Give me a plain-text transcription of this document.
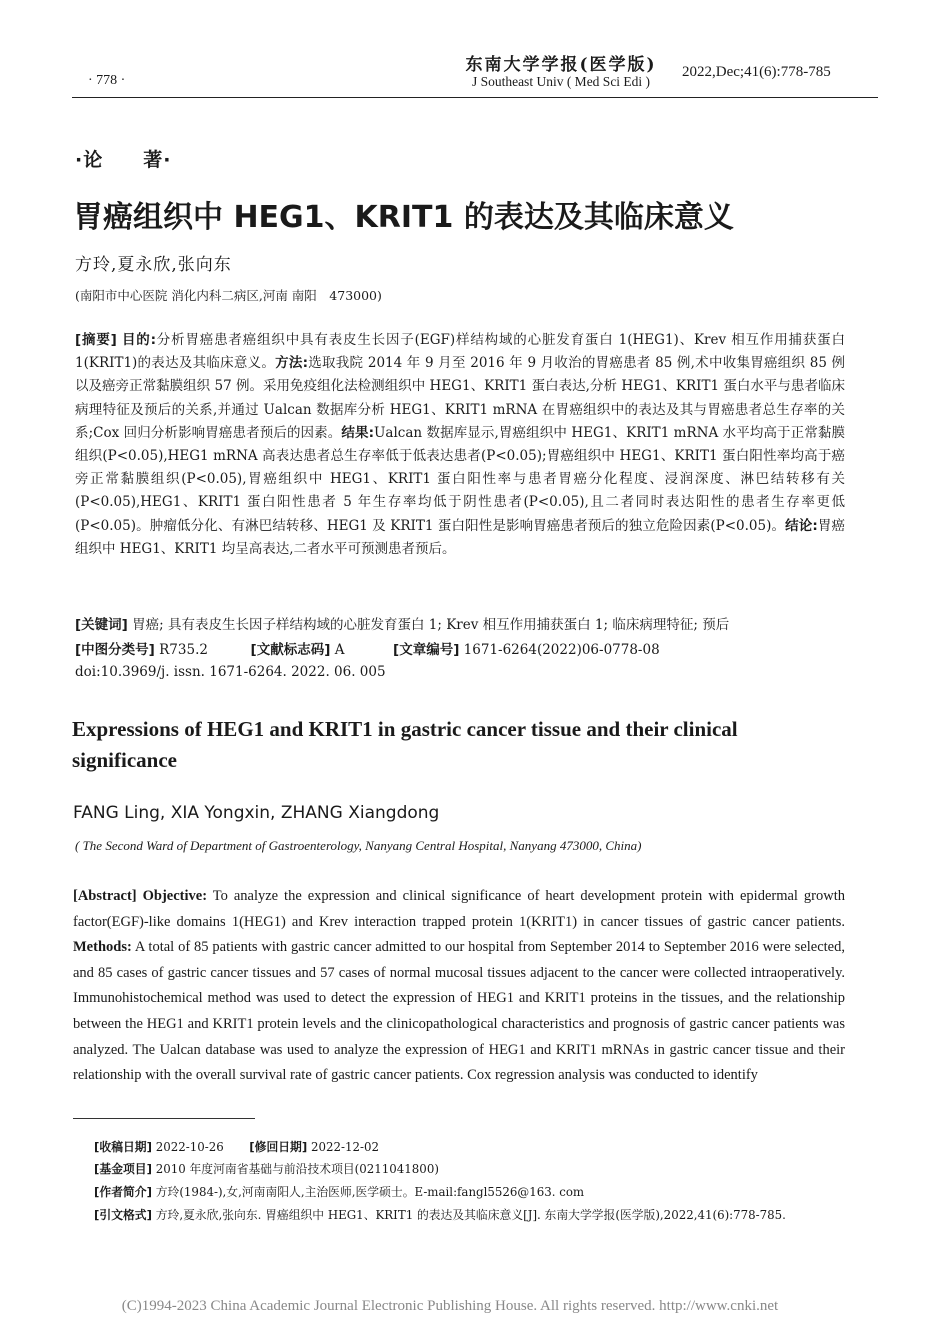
· 778 ·
东南大学学报(医学版)
J Southeast Univ ( Med Sci Edi )
2022,Dec;41(6):778-785
·论　　著·
胃癌组织中 HEG1、KRIT1 的表达及其临床意义
方玲,夏永欣,张向东
(南阳市中心医院 消化内科二病区,河南 南阳　473000)
[摘要] 目的:分析胃癌患者癌组织中具有表皮生长因子(EGF)样结构域的心脏发育蛋白 1(HEG1)、Krev 相互作用捕获蛋白 1(KRIT1)的表达及其临床意义。方法:选取我院 2014 年 9 月至 2016 年 9 月收治的胃癌患者 85 例,术中收集胃癌组织 85 例以及癌旁正常黏膜组织 57 例。采用免疫组化法检测组织中 HEG1、KRIT1 蛋白表达,分析 HEG1、KRIT1 蛋白水平与患者临床病理特征及预后的关系,并通过 Ualcan 数据库分析 HEG1、KRIT1 mRNA 在胃癌组织中的表达及其与胃癌患者总生存率的关系;Cox 回归分析影响胃癌患者预后的因素。结果:Ualcan 数据库显示,胃癌组织中 HEG1、KRIT1 mRNA 水平均高于正常黏膜组织(P<0.05),HEG1 mRNA 高表达患者总生存率低于低表达患者(P<0.05);胃癌组织中 HEG1、KRIT1 蛋白阳性率均高于癌旁正常黏膜组织(P<0.05),胃癌组织中 HEG1、KRIT1 蛋白阳性率与患者胃癌分化程度、浸润深度、淋巴结转移有关(P<0.05),HEG1、KRIT1 蛋白阳性患者 5 年生存率均低于阴性患者(P<0.05),且二者同时表达阳性的患者生存率更低(P<0.05)。肿瘤低分化、有淋巴结转移、HEG1 及 KRIT1 蛋白阳性是影响胃癌患者预后的独立危险因素(P<0.05)。结论:胃癌组织中 HEG1、KRIT1 均呈高表达,二者水平可预测患者预后。
[关键词] 胃癌; 具有表皮生长因子样结构域的心脏发育蛋白 1; Krev 相互作用捕获蛋白 1; 临床病理特征; 预后
[中图分类号] R735.2	[文献标志码] A	[文章编号] 1671-6264(2022)06-0778-08
doi:10.3969/j. issn. 1671-6264. 2022. 06. 005
Expressions of HEG1 and KRIT1 in gastric cancer tissue and their clinical significance
FANG Ling, XIA Yongxin, ZHANG Xiangdong
( The Second Ward of Department of Gastroenterology, Nanyang Central Hospital, Nanyang 473000, China)

[Abstract] Objective: To analyze the expression and clinical significance of heart development protein with epidermal growth factor(EGF)-like domains 1(HEG1) and Krev interaction trapped protein 1(KRIT1) in cancer tissues of gastric cancer patients. Methods: A total of 85 patients with gastric cancer admitted to our hospital from September 2014 to September 2016 were selected, and 85 cases of gastric cancer tissues and 57 cases of normal mucosal tissues adjacent to the cancer were collected intraoperatively. Immunohistochemical method was used to detect the expression of HEG1 and KRIT1 proteins in the tissues, and the relationship between the HEG1 and KRIT1 protein levels and the clinicopathological characteristics and prognosis of gastric cancer patients was analyzed. The Ualcan database was used to analyze the expression of HEG1 and KRIT1 mRNAs in gastric cancer tissue and their relationship with the overall survival rate of gastric cancer patients. Cox regression analysis was conducted to identify

[收稿日期] 2022-10-26 [修回日期] 2022-12-02
[基金项目] 2010 年度河南省基础与前沿技术项目(0211041800)
[作者简介] 方玲(1984-),女,河南南阳人,主治医师,医学硕士。E-mail:fangl5526@163. com
[引文格式] 方玲,夏永欣,张向东. 胃癌组织中 HEG1、KRIT1 的表达及其临床意义[J]. 东南大学学报(医学版),2022,41(6):778-785.
(C)1994-2023 China Academic Journal Electronic Publishing House. All rights reserved. http://www.cnki.net
